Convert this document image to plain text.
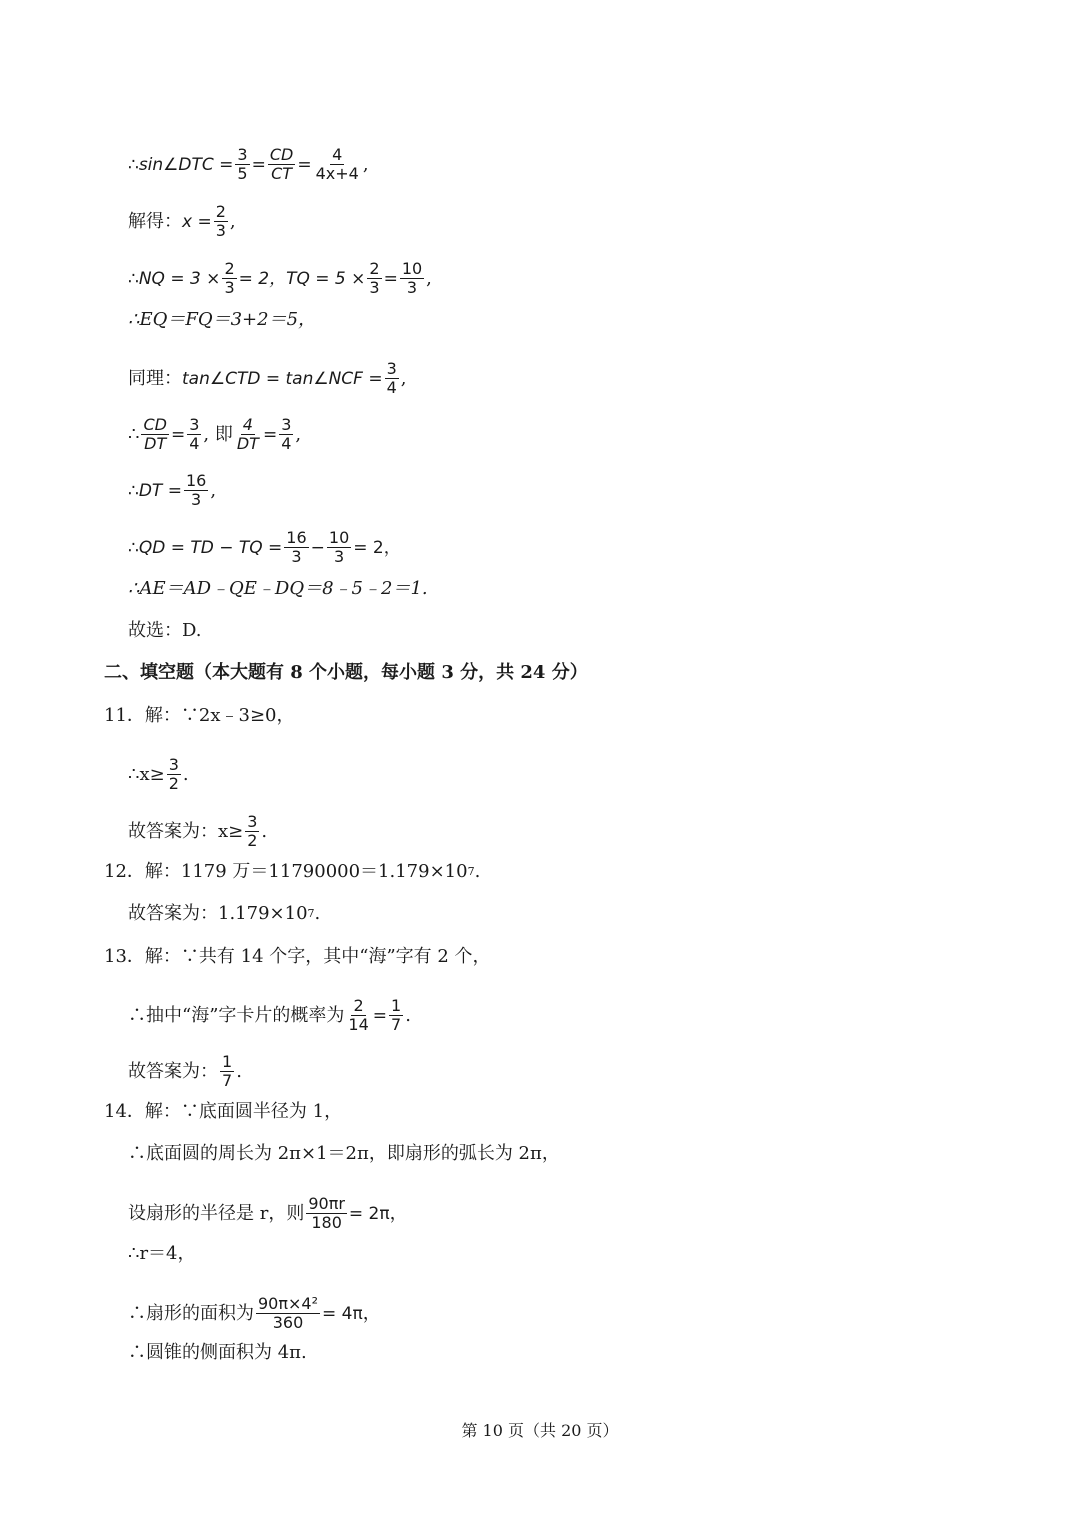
∴sin∠DTC = $\frac{3}{5} = \frac{CD}{CT} = \frac{4}{4x+4}$ ,
解得： $x = \frac{2}{3}$ ,
∴NQ = $3 \times \frac{2}{3} = 2$，TQ = $5 \times \frac{2}{3} = \frac{10}{3}$ ,
∴EQ＝FQ＝3+2＝5，
同理： tan∠CTD = tan∠NCF = $\frac{3}{4}$ ,
∴ $\frac{CD}{DT} = \frac{3}{4}$ , 即 $\frac{4}{DT} = \frac{3}{4}$ ,
∴DT = $\frac{16}{3}$ ,
∴QD = TD − TQ = $\frac{16}{3} - \frac{10}{3} = 2$，
∴AE＝AD﹣QE﹣DQ＝8﹣5﹣2＝1.
故选：D.
二、填空题（本大题有 8 个小题，每小题 3 分，共 24 分）
11．解：∵2x﹣3≥0，
∴x≥ $\frac{3}{2}$ .
故答案为：$x\ge \frac{3}{2}$ .
12．解：1179 万＝11790000＝1.179×10 7 .
故答案为：1.179×10 7 .
13．解：∵共有 14 个字，其中“海”字有 2 个，
∴抽中“海”字卡片的概率为 $\frac{2}{14} = \frac{1}{7}$ .
故答案为： $\frac{1}{7}$ .
14．解：∵底面圆半径为 1，
∴底面圆的周长为 2π×1＝2π，即扇形的弧长为 2π，
设扇形的半径是 r，则 $\frac{90\pi r}{180} = 2\pi$ ，
∴r＝4，
∴扇形的面积为 $\frac{\text{90π×4²}}{360} = 4\pi$ ，
∴圆锥的侧面积为 4π.
第 10 页（共 20 页）
